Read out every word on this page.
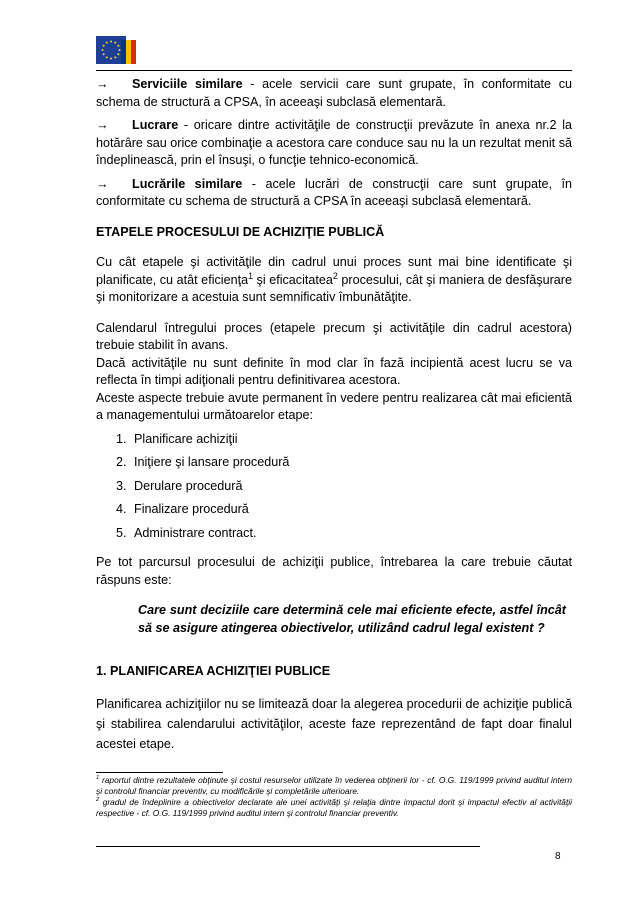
→ Serviciile similare - acele servicii care sunt grupate, în conformitate cu schema de structură a CPSA, în aceeaşi subclasă elementară.

→ Lucrare - oricare dintre activităţile de construcţii prevăzute în anexa nr.2 la hotărâre sau orice combinaţie a acestora care conduce sau nu la un rezultat menit să îndeplinească, prin el însuşi, o funcţie tehnico-economică.

→ Lucrările similare - acele lucrări de construcţii care sunt grupate, în conformitate cu schema de structură a CPSA în aceeaşi subclasă elementară.

ETAPELE PROCESULUI DE ACHIZIŢIE PUBLICĂ

Cu cât etapele şi activităţile din cadrul unui proces sunt mai bine identificate şi planificate, cu atât eficienţa$^1$ şi eficacitatea$^2$ procesului, cât şi maniera de desfăşurare şi monitorizare a acestuia sunt semnificativ îmbunătăţite.

Calendarul întregului proces (etapele precum şi activităţile din cadrul acestora) trebuie stabilit în avans.

Dacă activităţile nu sunt definite în mod clar în fază incipientă acest lucru se va reflecta în timpi adiţionali pentru definitivarea acestora.

Aceste aspecte trebuie avute permanent în vedere pentru realizarea cât mai eficientă a managementului următoarelor etape:

1. Planificare achiziţii
2. Iniţiere şi lansare procedură
3. Derulare procedură
4. Finalizare procedură
5. Administrare contract.

Pe tot parcursul procesului de achiziţii publice, întrebarea la care trebuie căutat răspuns este:

Care sunt deciziile care determină cele mai eficiente efecte, astfel încât să se asigure atingerea obiectivelor, utilizând cadrul legal existent ?

1. PLANIFICAREA ACHIZIŢIEI PUBLICE

Planificarea achiziţiilor nu se limitează doar la alegerea procedurii de achiziţie publică şi stabilirea calendarului activităţilor, aceste faze reprezentând de fapt doar finalul acestei etape.

$^1$ raportul dintre rezultatele obţinute şi costul resurselor utilizate în vederea obţinerii lor - cf. O.G. 119/1999 privind auditul intern şi controlul financiar preventiv, cu modificările şi completările ulterioare.
$^2$ gradul de îndeplinire a obiectivelor declarate ale unei activităţi şi relaţia dintre impactul dorit şi impactul efectiv al activităţii respective - cf. O.G. 119/1999 privind auditul intern şi controlul financiar preventiv.
8
